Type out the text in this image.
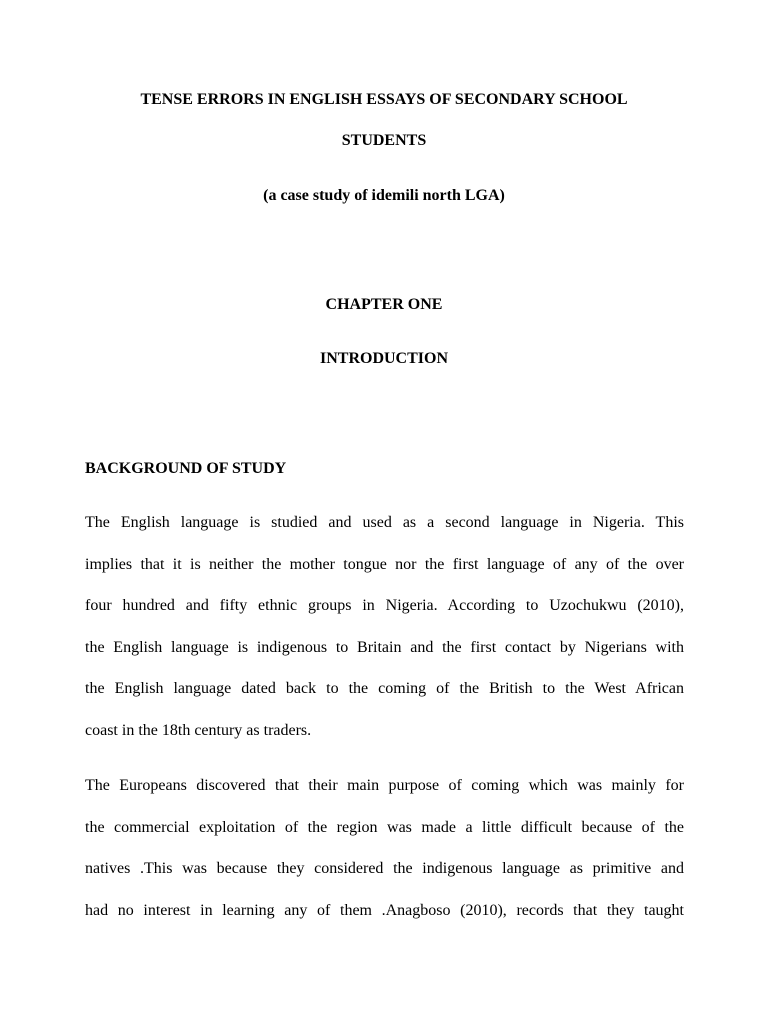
TENSE ERRORS IN ENGLISH ESSAYS OF SECONDARY SCHOOL
STUDENTS
(a case study of idemili north LGA)
CHAPTER ONE
INTRODUCTION
BACKGROUND OF STUDY
The English language is studied and used as a second language in Nigeria. This
implies that it is neither the mother tongue nor the first language of any of the over
four hundred and fifty ethnic groups in Nigeria. According to Uzochukwu (2010),
the English language is indigenous to Britain and the first contact by Nigerians with
the English language dated back to the coming of the British to the West African
coast in the 18th century as traders.
The Europeans discovered that their main purpose of coming which was mainly for
the commercial exploitation of the region was made a little difficult because of the
natives .This was because they considered the indigenous language as primitive and
had no interest in learning any of them .Anagboso (2010), records that they taught
